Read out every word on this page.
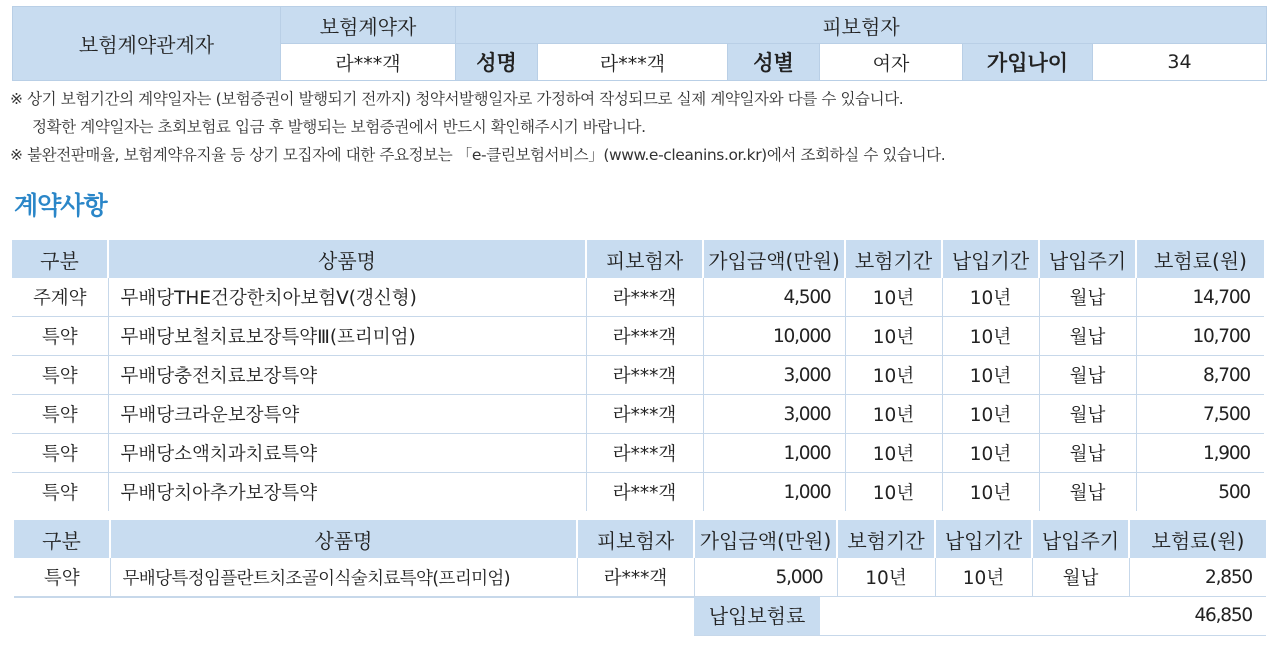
보험계약관계자	보험계약자	피보험자					
	라***객	성명	라***객	성별	여자	가입나이	34
※ 상기 보험기간의 계약일자는 (보험증권이 발행되기 전까지) 청약서발행일자로 가정하여 작성되므로 실제 계약일자와 다를 수 있습니다.
정확한 계약일자는 초회보험료 입금 후 발행되는 보험증권에서 반드시 확인해주시기 바랍니다.
※ 불완전판매율, 보험계약유지율 등 상기 모집자에 대한 주요정보는 「e-클린보험서비스」(www.e-cleanins.or.kr)에서 조회하실 수 있습니다.
계약사항
구분	상품명	피보험자	가입금액(만원)	보험기간	납입기간	납입주기	보험료(원)
주계약	무배당THE건강한치아보험Ⅴ(갱신형)	라***객	4,500	10년	10년	월납	14,700
특약	무배당보철치료보장특약Ⅲ(프리미엄)	라***객	10,000	10년	10년	월납	10,700
특약	무배당충전치료보장특약	라***객	3,000	10년	10년	월납	8,700
특약	무배당크라운보장특약	라***객	3,000	10년	10년	월납	7,500
특약	무배당소액치과치료특약	라***객	1,000	10년	10년	월납	1,900
특약	무배당치아추가보장특약	라***객	1,000	10년	10년	월납	500
구분	상품명	피보험자	가입금액(만원)	보험기간	납입기간	납입주기	보험료(원)
특약	무배당특정임플란트치조골이식술치료특약(프리미엄)	라***객	5,000	10년	10년	월납	2,850
납입보험료	46,850
